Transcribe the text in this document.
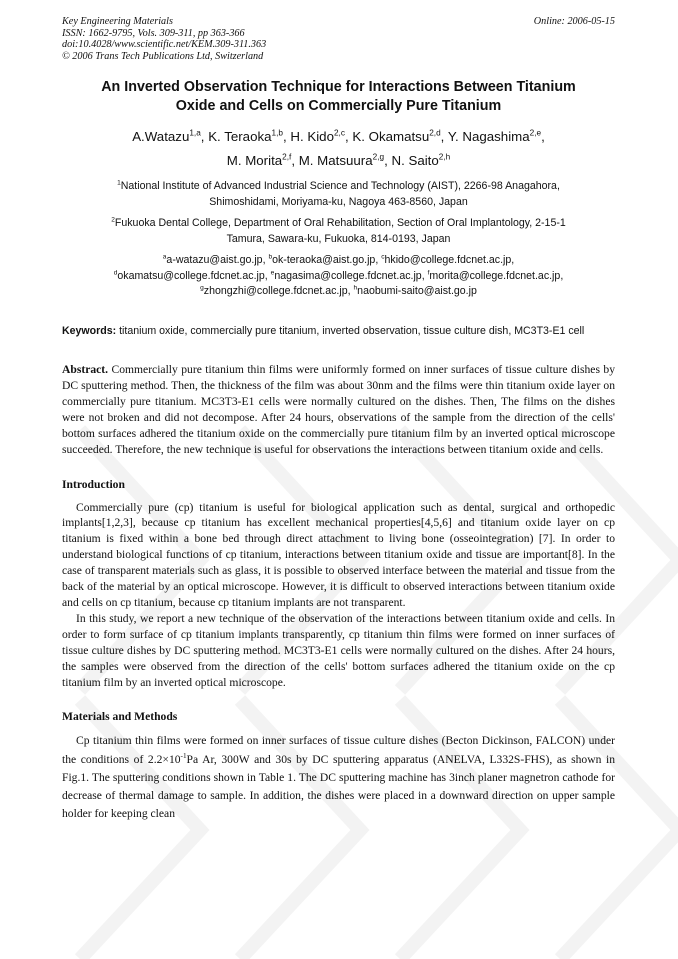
Key Engineering Materials
ISSN: 1662-9795, Vols. 309-311, pp 363-366
doi:10.4028/www.scientific.net/KEM.309-311.363
© 2006 Trans Tech Publications Ltd, Switzerland
Online: 2006-05-15
An Inverted Observation Technique for Interactions Between Titanium
Oxide and Cells on Commercially Pure Titanium
A.Watazu$^{1,a}$, K. Teraoka$^{1,b}$, H. Kido$^{2,c}$, K. Okamatsu$^{2,d}$, Y. Nagashima$^{2,e}$,
M. Morita$^{2,f}$, M. Matsuura$^{2,g}$, N. Saito$^{2,h}$
$^1$National Institute of Advanced Industrial Science and Technology (AIST), 2266-98 Anagahora,
Shimoshidami, Moriyama-ku, Nagoya 463-8560, Japan
$^2$Fukuoka Dental College, Department of Oral Rehabilitation, Section of Oral Implantology, 2-15-1
Tamura, Sawara-ku, Fukuoka, 814-0193, Japan
$^a$a-watazu@aist.go.jp, $^b$ok-teraoka@aist.go.jp, $^c$hkido@college.fdcnet.ac.jp,
$^d$okamatsu@college.fdcnet.ac.jp, $^e$nagasima@college.fdcnet.ac.jp, $^f$morita@college.fdcnet.ac.jp,
$^g$zhongzhi@college.fdcnet.ac.jp, $^h$naobumi-saito@aist.go.jp
Keywords: titanium oxide, commercially pure titanium, inverted observation, tissue culture dish, MC3T3-E1 cell
Abstract. Commercially pure titanium thin films were uniformly formed on inner surfaces of tissue culture dishes by DC sputtering method. Then, the thickness of the film was about 30nm and the films were thin titanium oxide layer on commercially pure titanium. MC3T3-E1 cells were normally cultured on the dishes. Then, The films on the dishes were not broken and did not decompose. After 24 hours, observations of the sample from the direction of the cells' bottom surfaces adhered the titanium oxide on the commercially pure titanium film by an inverted optical microscope succeeded. Therefore, the new technique is useful for observations the interactions between titanium oxide and cells.
Introduction
Commercially pure (cp) titanium is useful for biological application such as dental, surgical and orthopedic implants[1,2,3], because cp titanium has excellent mechanical properties[4,5,6] and titanium oxide layer on cp titanium is fixed within a bone bed through direct attachment to living bone (osseointegration) [7]. In order to understand biological functions of cp titanium, interactions between titanium oxide and tissue are important[8]. In the case of transparent materials such as glass, it is possible to observed interface between the material and tissue from the back of the material by an optical microscope. However, it is difficult to observed interactions between titanium oxide and cells on cp titanium, because cp titanium implants are not transparent.
In this study, we report a new technique of the observation of the interactions between titanium oxide and cells. In order to form surface of cp titanium implants transparently, cp titanium thin films were formed on inner surfaces of tissue culture dishes by DC sputtering method. MC3T3-E1 cells were normally cultured on the dishes. After 24 hours, the samples were observed from the direction of the cells' bottom surfaces adhered the titanium oxide on the cp titanium film by an inverted optical microscope.
Materials and Methods
Cp titanium thin films were formed on inner surfaces of tissue culture dishes (Becton Dickinson, FALCON) under the conditions of $2.2\times 10^{-1}Pa$ Ar, 300W and 30s by DC sputtering apparatus (ANELVA, L332S-FHS), as shown in Fig.1. The sputtering conditions shown in Table 1. The DC sputtering machine has 3inch planer magnetron cathode for decrease of thermal damage to sample. In addition, the dishes were placed in a downward direction on upper sample holder for keeping clean
